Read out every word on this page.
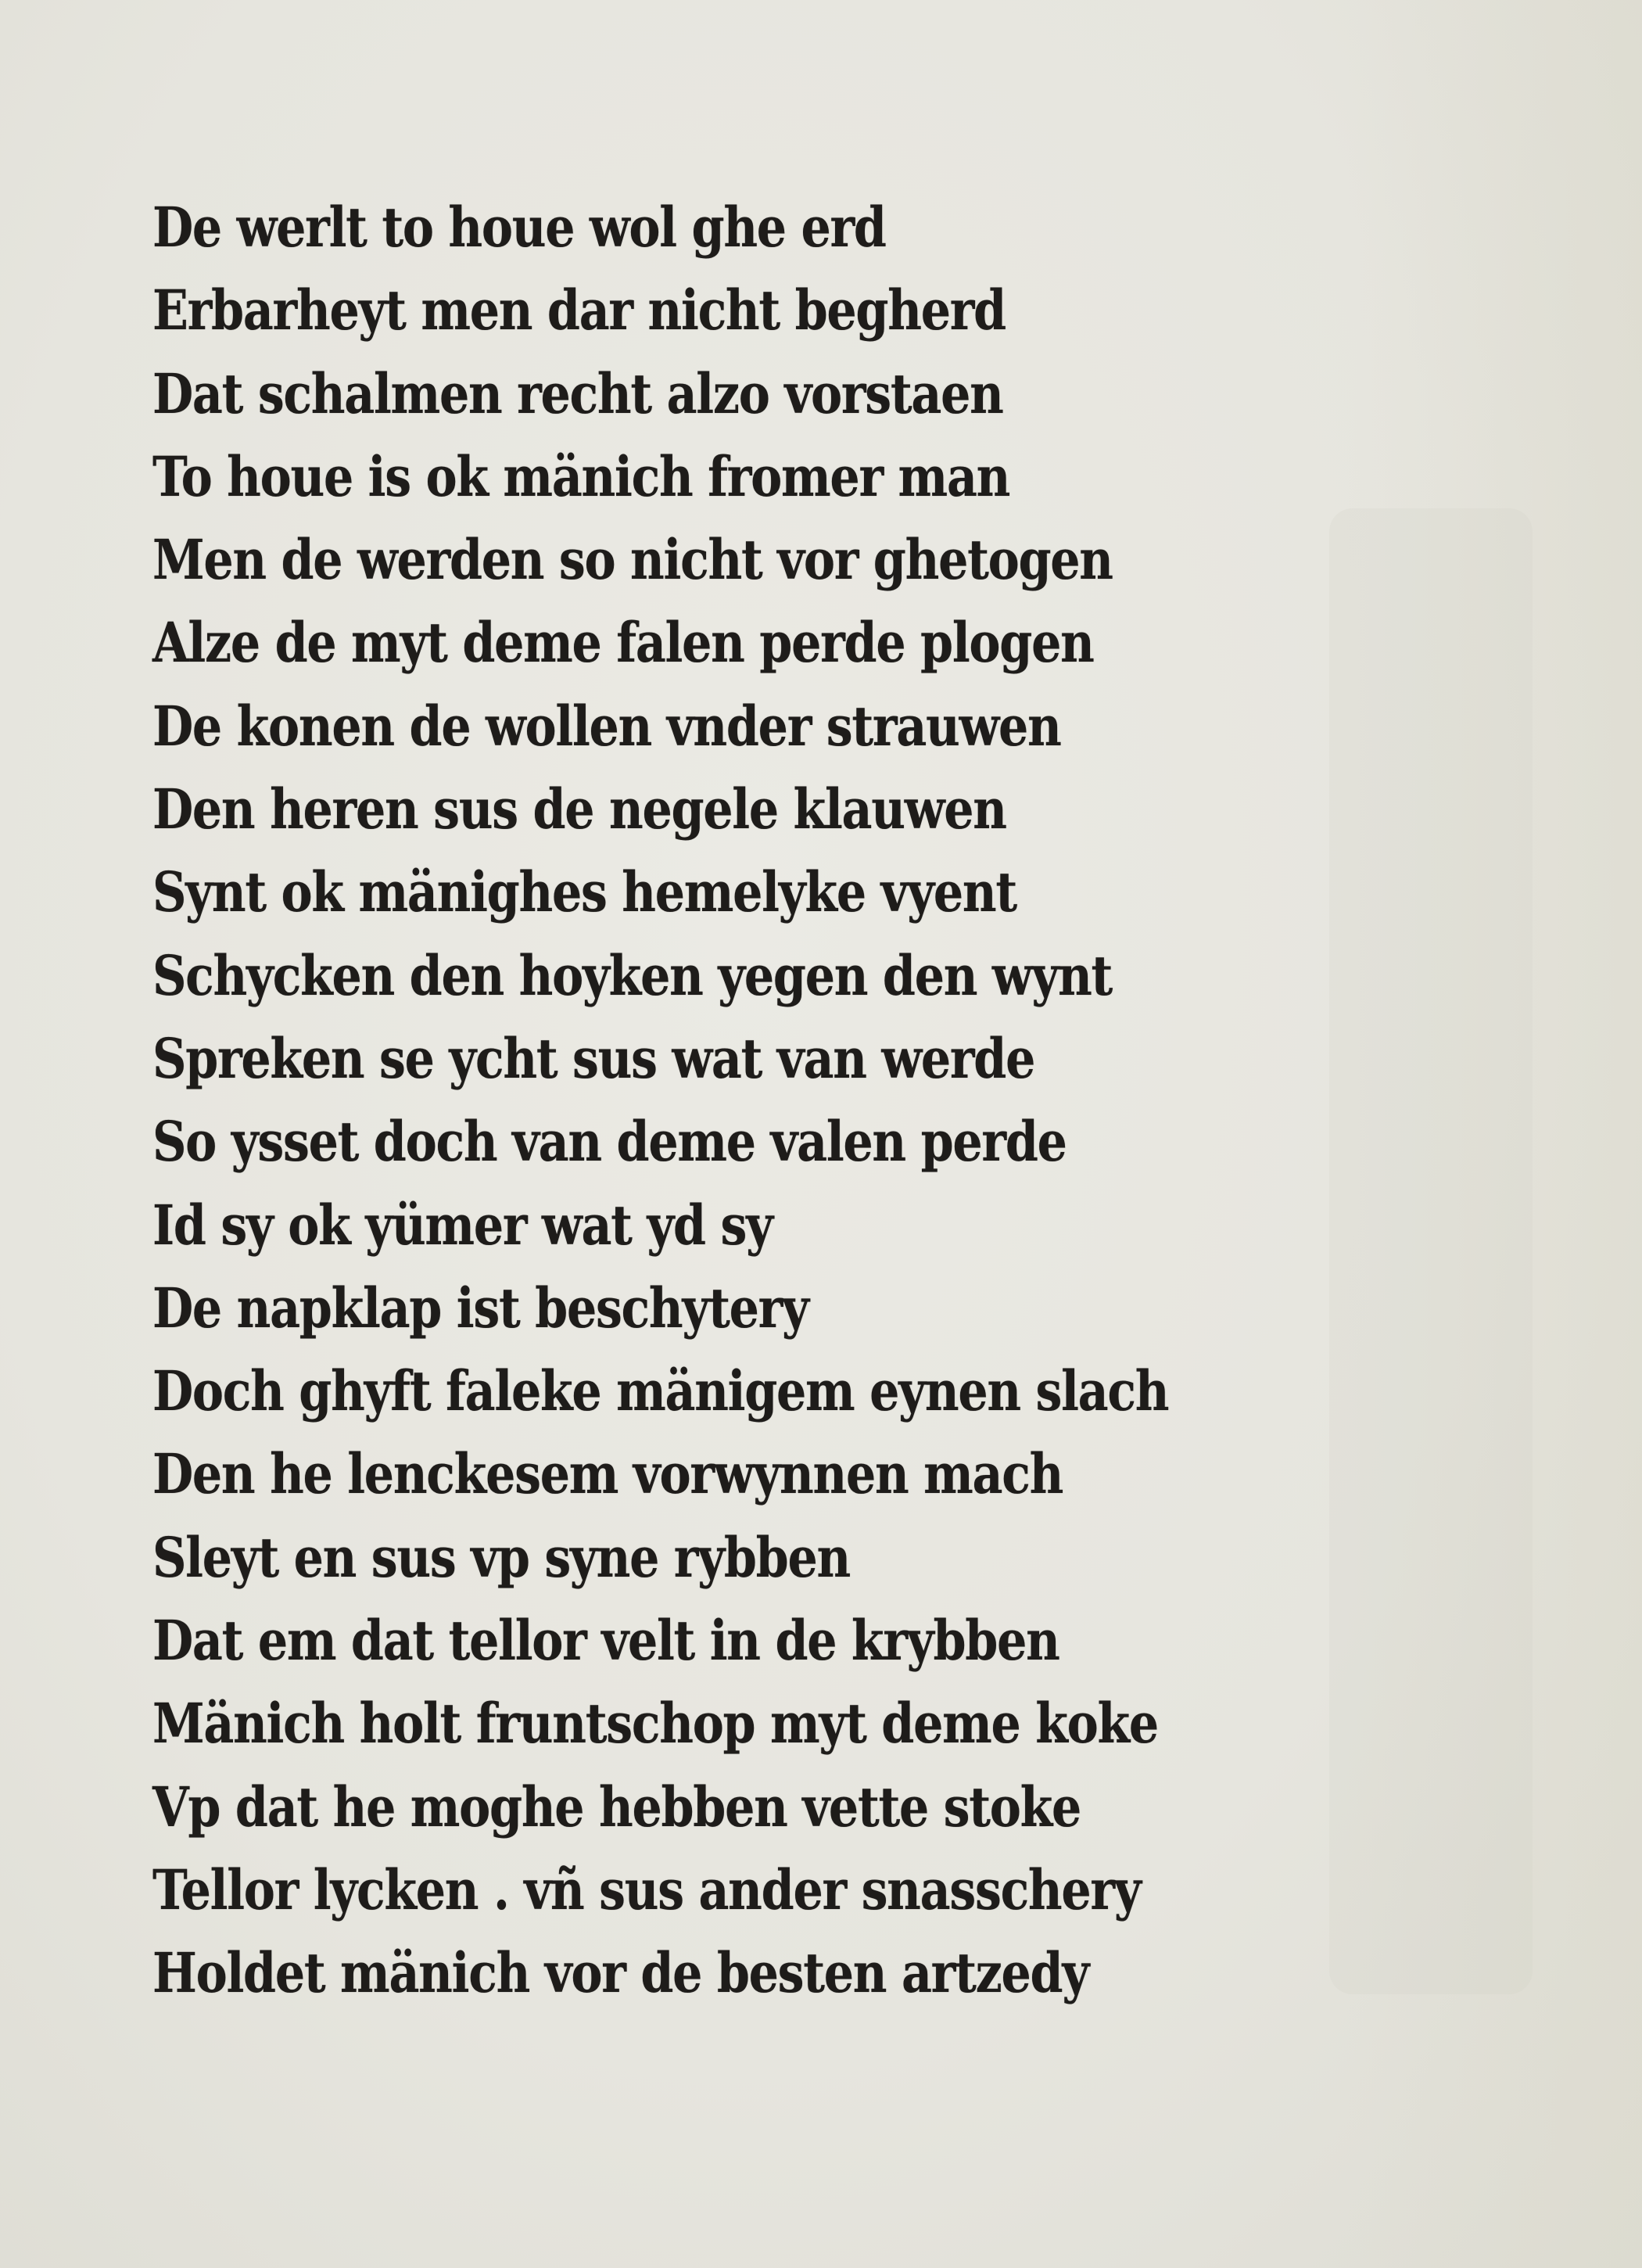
De werlt to houe wol ghe erd
Erbarheyt men dar nicht begherd
Dat schalmen recht alzo vorstaen
To houe is ok mänich fromer man
Men de werden so nicht vor ghetogen
Alze de myt deme falen perde plogen
De konen de wollen vnder strauwen
Den heren sus de negele klauwen
Synt ok mänighes hemelyke vyent
Schycken den hoyken yegen den wynt
Spreken se ycht sus wat van werde
So ysset doch van deme valen perde
Id sy ok yümer wat yd sy
De napklap ist beschytery
Doch ghyft faleke mänigem eynen slach
Den he lenckesem vorwynnen mach
Sleyt en sus vp syne rybben
Dat em dat tellor velt in de krybben
Mänich holt fruntschop myt deme koke
Vp dat he moghe hebben vette stoke
Tellor lycken . vñ sus ander snasschery
Holdet mänich vor de besten artzedy
